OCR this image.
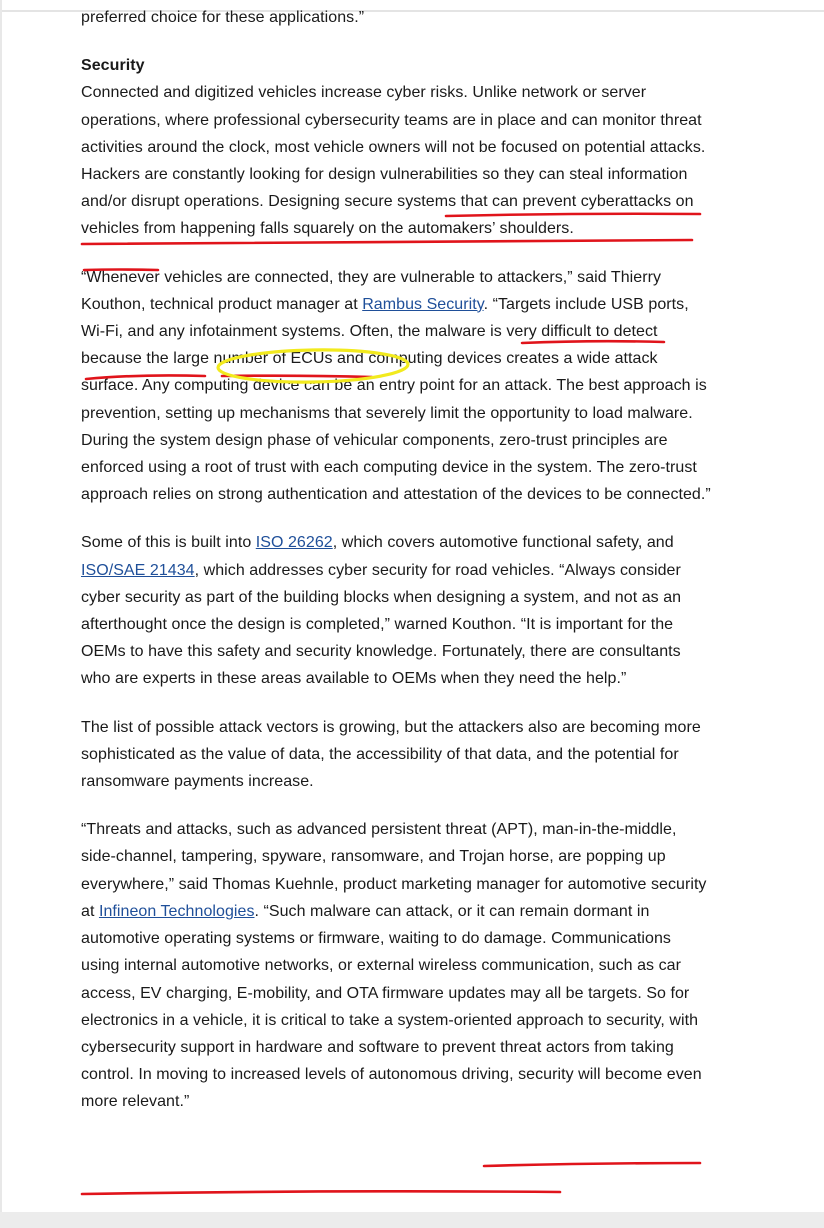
preferred choice for these applications.”

Security

Connected and digitized vehicles increase cyber risks. Unlike network or server operations, where professional cybersecurity teams are in place and can monitor threat activities around the clock, most vehicle owners will not be focused on potential attacks. Hackers are constantly looking for design vulnerabilities so they can steal information and/or disrupt operations. Designing secure systems that can prevent cyberattacks on vehicles from happening falls squarely on the automakers’ shoulders.

“Whenever vehicles are connected, they are vulnerable to attackers,” said Thierry Kouthon, technical product manager at Rambus Security. “Targets include USB ports, Wi-Fi, and any infotainment systems. Often, the malware is very difficult to detect because the large number of ECUs and computing devices creates a wide attack surface. Any computing device can be an entry point for an attack. The best approach is prevention, setting up mechanisms that severely limit the opportunity to load malware. During the system design phase of vehicular components, zero-trust principles are enforced using a root of trust with each computing device in the system. The zero-trust approach relies on strong authentication and attestation of the devices to be connected.”

Some of this is built into ISO 26262, which covers automotive functional safety, and ISO/SAE 21434, which addresses cyber security for road vehicles. “Always consider cyber security as part of the building blocks when designing a system, and not as an afterthought once the design is completed,” warned Kouthon. “It is important for the OEMs to have this safety and security knowledge. Fortunately, there are consultants who are experts in these areas available to OEMs when they need the help.”

The list of possible attack vectors is growing, but the attackers also are becoming more sophisticated as the value of data, the accessibility of that data, and the potential for ransomware payments increase.

“Threats and attacks, such as advanced persistent threat (APT), man-in-the-middle, side-channel, tampering, spyware, ransomware, and Trojan horse, are popping up everywhere,” said Thomas Kuehnle, product marketing manager for automotive security at Infineon Technologies. “Such malware can attack, or it can remain dormant in automotive operating systems or firmware, waiting to do damage. Communications using internal automotive networks, or external wireless communication, such as car access, EV charging, E-mobility, and OTA firmware updates may all be targets. So for electronics in a vehicle, it is critical to take a system-oriented approach to security, with cybersecurity support in hardware and software to prevent threat actors from taking control. In moving to increased levels of autonomous driving, security will become even more relevant.”
